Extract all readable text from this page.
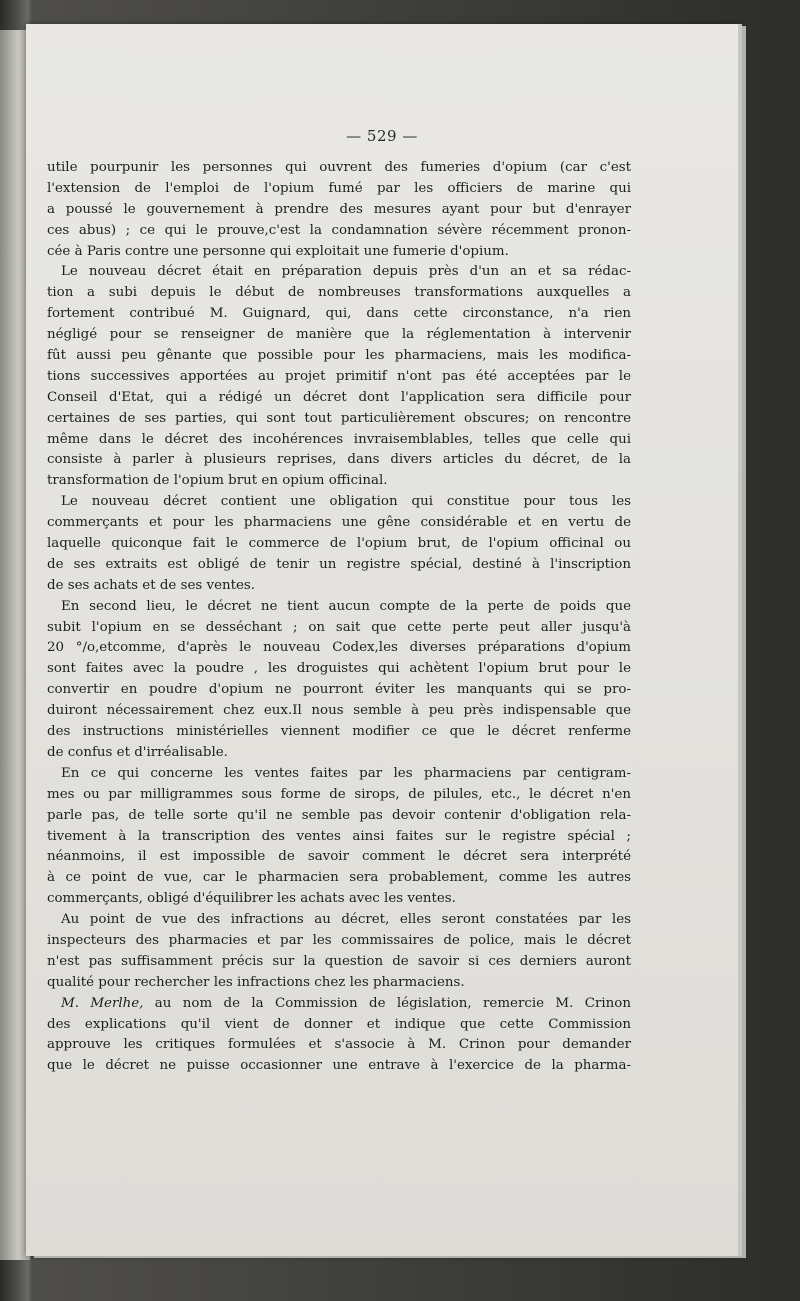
— 529 —
utile pourpunir les personnes qui ouvrent des fumeries d'opium (car c'est
l'extension de l'emploi de l'opium fumé par les officiers de marine qui
a poussé le gouvernement à prendre des mesures ayant pour but d'enrayer
ces abus) ; ce qui le prouve,c'est la condamnation sévère récemment pronon-
cée à Paris contre une personne qui exploitait une fumerie d'opium.
Le nouveau décret était en préparation depuis près d'un an et sa rédac-
tion a subi depuis le début de nombreuses transformations auxquelles a
fortement contribué M. Guignard, qui, dans cette circonstance, n'a rien
négligé pour se renseigner de manière que la réglementation à intervenir
fût aussi peu gênante que possible pour les pharmaciens, mais les modifica-
tions successives apportées au projet primitif n'ont pas été acceptées par le
Conseil d'Etat, qui a rédigé un décret dont l'application sera difficile pour
certaines de ses parties, qui sont tout particulièrement obscures; on rencontre
même dans le décret des incohérences invraisemblables, telles que celle qui
consiste à parler à plusieurs reprises, dans divers articles du décret, de la
transformation de l'opium brut en opium officinal.
Le nouveau décret contient une obligation qui constitue pour tous les
commerçants et pour les pharmaciens une gêne considérable et en vertu de
laquelle quiconque fait le commerce de l'opium brut, de l'opium officinal ou
de ses extraits est obligé de tenir un registre spécial, destiné à l'inscription
de ses achats et de ses ventes.
En second lieu, le décret ne tient aucun compte de la perte de poids que
subit l'opium en se desséchant ; on sait que cette perte peut aller jusqu'à
20 °/o,etcomme, d'après le nouveau Codex,les diverses préparations d'opium
sont faites avec la poudre , les droguistes qui achètent l'opium brut pour le
convertir en poudre d'opium ne pourront éviter les manquants qui se pro-
duiront nécessairement chez eux.Il nous semble à peu près indispensable que
des instructions ministérielles viennent modifier ce que le décret renferme
de confus et d'irréalisable.
En ce qui concerne les ventes faites par les pharmaciens par centigram-
mes ou par milligrammes sous forme de sirops, de pilules, etc., le décret n'en
parle pas, de telle sorte qu'il ne semble pas devoir contenir d'obligation rela-
tivement à la transcription des ventes ainsi faites sur le registre spécial ;
néanmoins, il est impossible de savoir comment le décret sera interprété
à ce point de vue, car le pharmacien sera probablement, comme les autres
commerçants, obligé d'équilibrer les achats avec les ventes.
Au point de vue des infractions au décret, elles seront constatées par les
inspecteurs des pharmacies et par les commissaires de police, mais le décret
n'est pas suffisamment précis sur la question de savoir si ces derniers auront
qualité pour rechercher les infractions chez les pharmaciens.
M. Merlhe, au nom de la Commission de législation, remercie M. Crinon
des explications qu'il vient de donner et indique que cette Commission
approuve les critiques formulées et s'associe à M. Crinon pour demander
que le décret ne puisse occasionner une entrave à l'exercice de la pharma-
